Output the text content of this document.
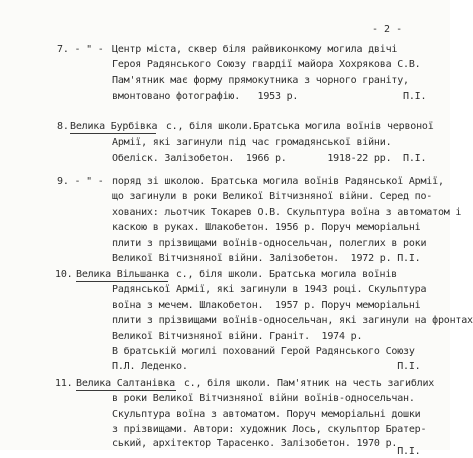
- 2 -
7. - " - Центр міста, сквер біля райвиконкому могила двічі
Героя Радянського Союзу гвардії майора Хохрякова С.В.
Пам'ятник має форму прямокутника з чорного граніту,
вмонтовано фотографію.   1953 р.                  П.І.
8. Велика Бурбівка с., біля школи.Братська могила воїнів червоної
Армії, які загинули під час громадянської війни.
Обеліск. Залізобетон.  1966 р.       1918-22 рр.  П.І.
9. - " - поряд зі школою. Братська могила воїнів Радянської Армії,
що загинули в роки Великої Вітчизняної війни. Серед по-
хованих: льотчик Токарев О.В. Скульптура воїна з автоматом і
каскою в руках. Шлакобетон. 1956 р. Поруч меморіальні
плити з прізвищами воїнів-односельчан, полеглих в роки
Великої Вітчизняної війни. Залізобетон.  1972 р. П.І.
10. Велика Вільшанка с., біля школи. Братська могила воїнів
Радянської Армії, які загинули в 1943 році. Скульптура
воїна з мечем. Шлакобетон.  1957 р. Поруч меморіальні
плити з прізвищами воїнів-односельчан, які загинули на фронтах
Великої Вітчизняної війни. Граніт.  1974 р.
В братській могилі похований Герой Радянського Союзу
П.Л. Леденко.                                    П.І.
11. Велика Салтанівка с., біля школи. Пам'ятник на честь загиблих
в роки Великої Вітчизняної війни воїнів-односельчан.
Скульптура воїна з автоматом. Поруч меморіальні дошки
з прізвищами. Автори: художник Лось, скульптор Братер-
ський, архітектор Тарасенко. Залізобетон. 1970 р.
П.І.
